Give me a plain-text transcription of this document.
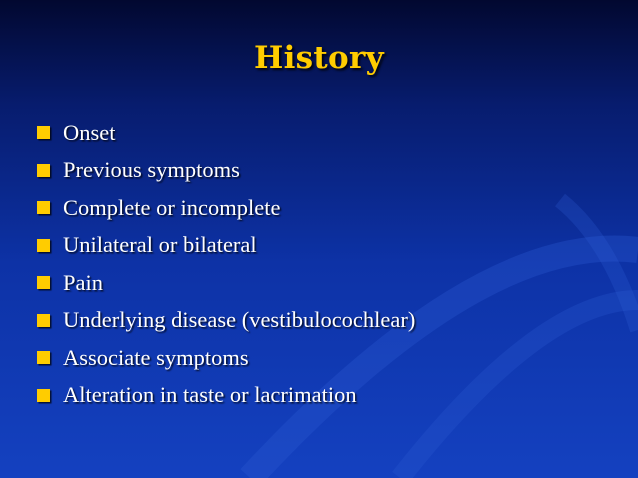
History
Onset
Previous symptoms
Complete or incomplete
Unilateral or bilateral
Pain
Underlying disease (vestibulocochlear)
Associate symptoms
Alteration in taste or lacrimation
